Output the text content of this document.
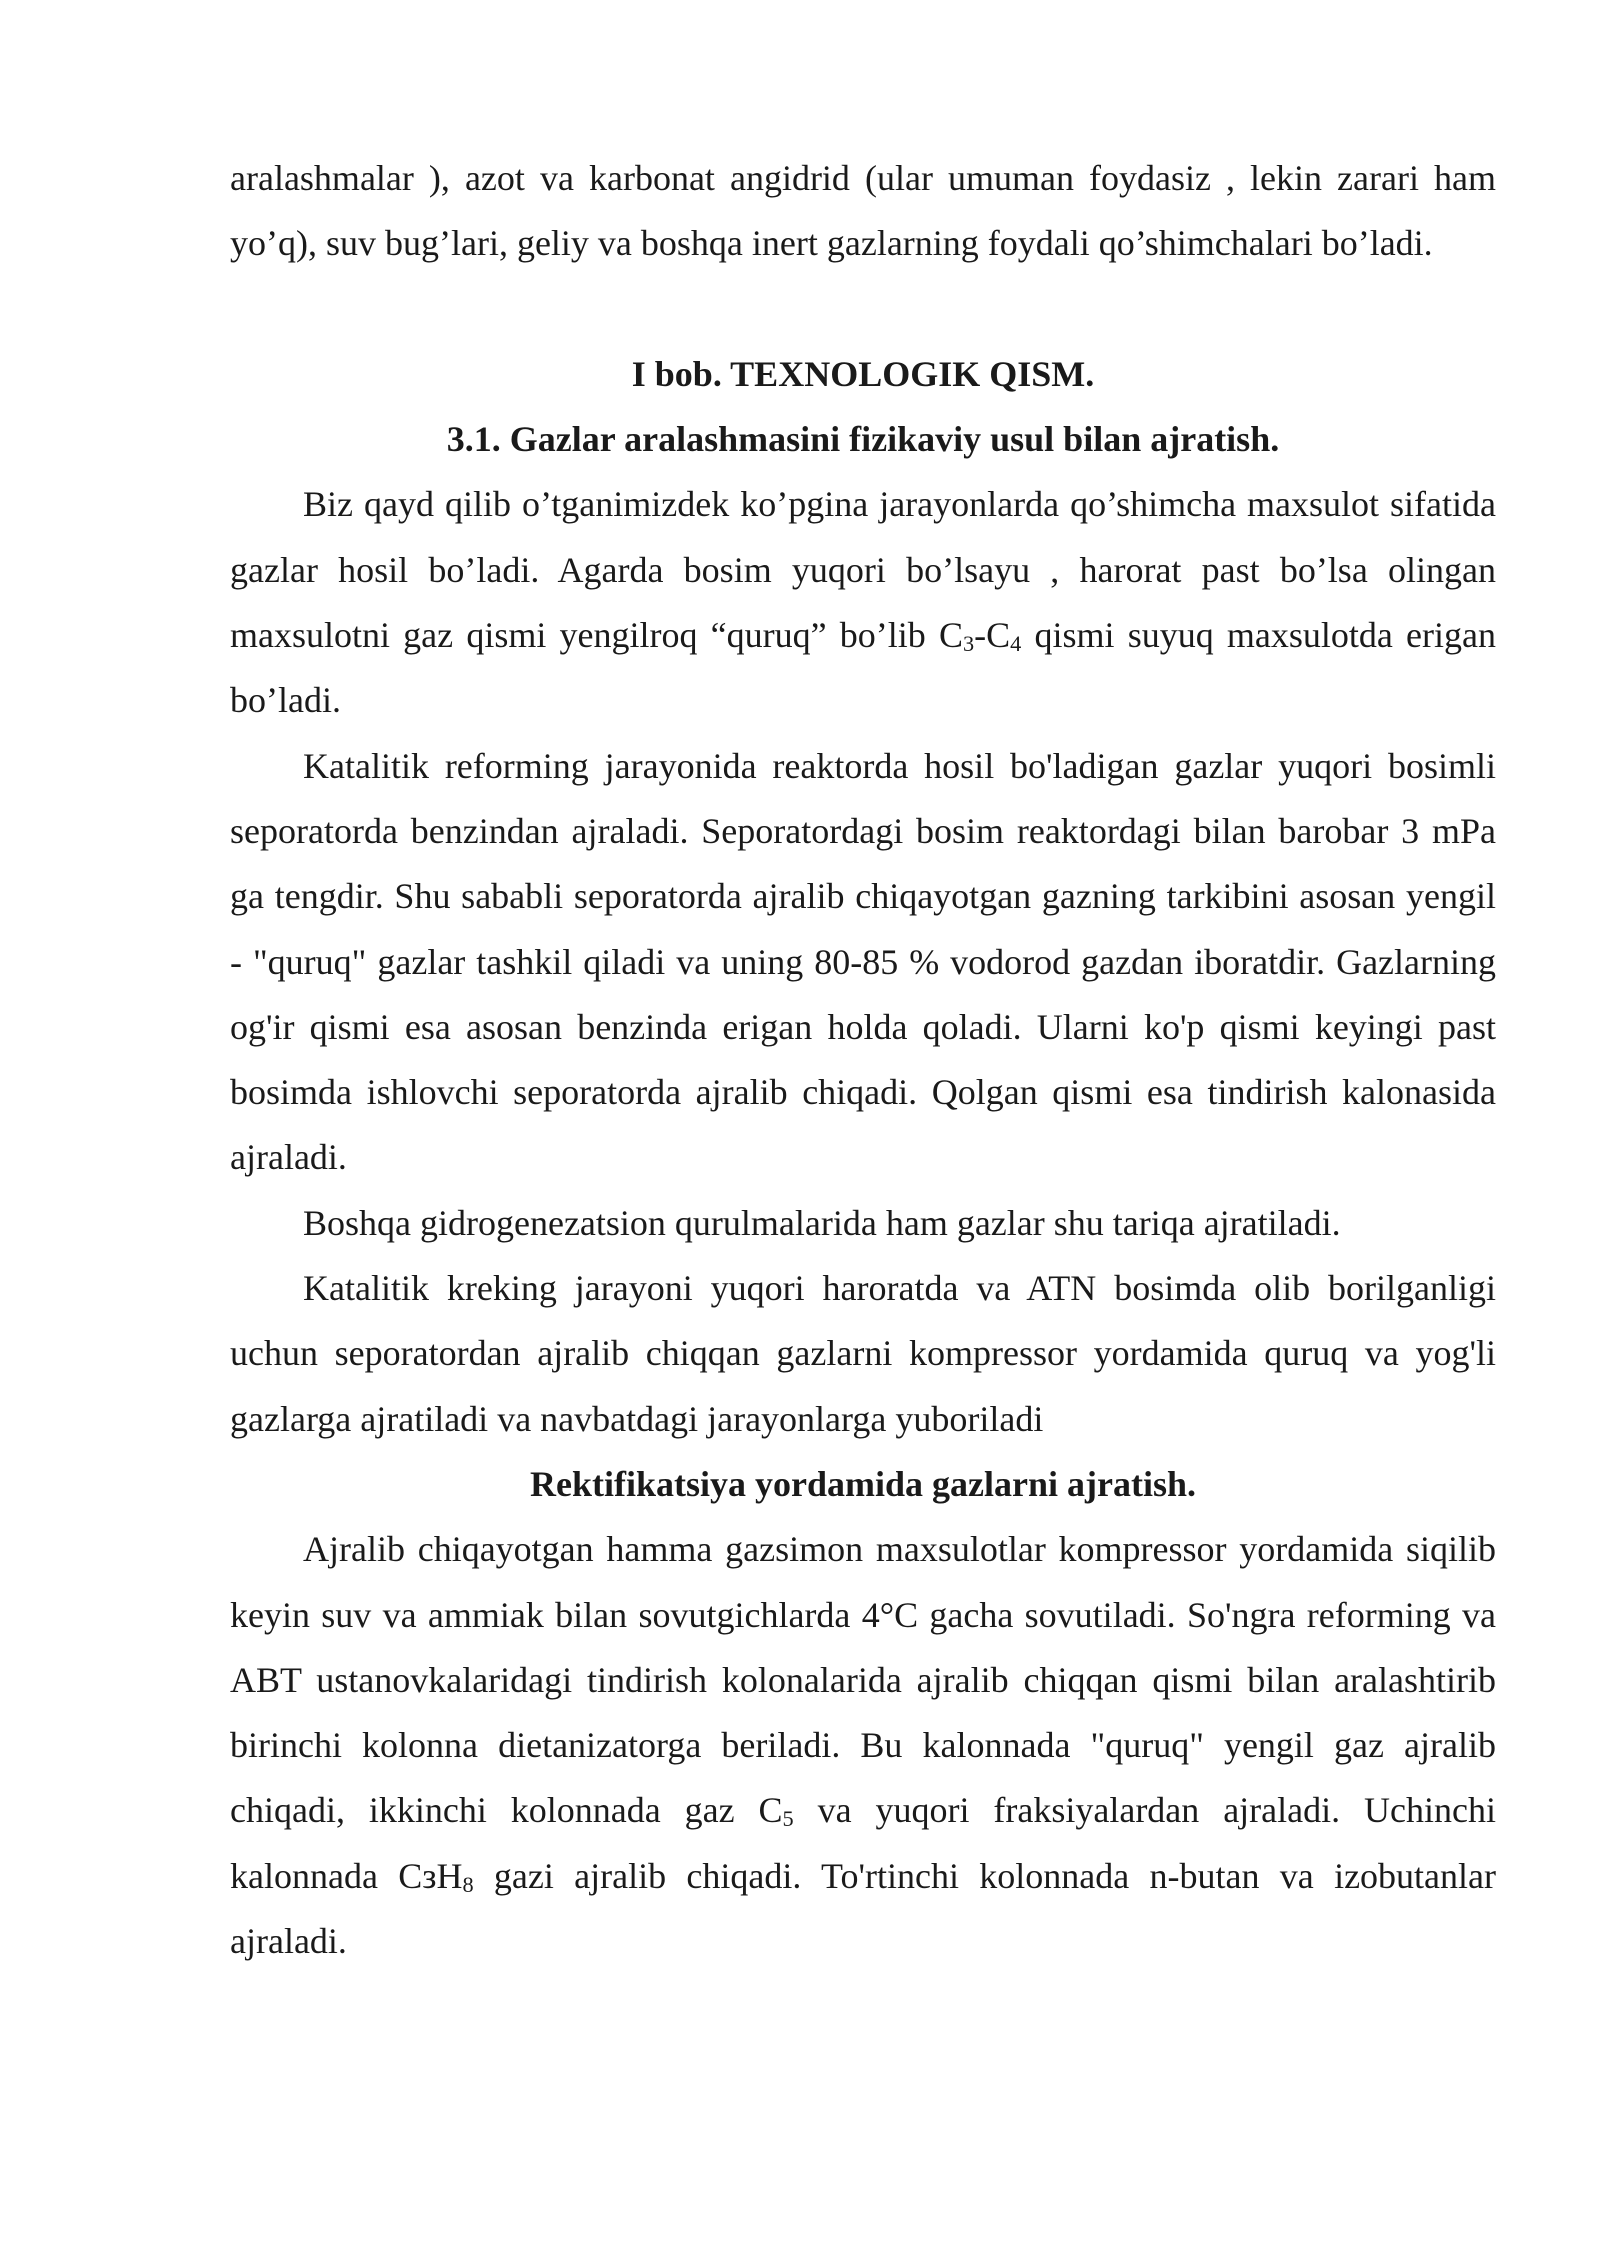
aralashmalar ), azot va karbonat angidrid (ular umuman foydasiz , lekin zarari ham yo’q), suv bug’lari, geliy va boshqa inert gazlarning foydali qo’shimchalari bo’ladi.

I bob. TEXNOLOGIK QISM.
3.1. Gazlar aralashmasini fizikaviy usul bilan ajratish.

Biz qayd qilib o’tganimizdek ko’pgina jarayonlarda qo’shimcha maxsulot sifatida gazlar hosil bo’ladi. Agarda bosim yuqori bo’lsayu , harorat past bo’lsa olingan maxsulotni gaz qismi yengilroq “quruq” bo’lib C3-C4 qismi suyuq maxsulotda erigan bo’ladi.

Katalitik reforming jarayonida reaktorda hosil bo'ladigan gazlar yuqori bosimli seporatorda benzindan ajraladi. Seporatordagi bosim reaktordagi bilan barobar 3 mPa ga tengdir. Shu sababli seporatorda ajralib chiqayotgan gazning tarkibini asosan yengil - "quruq" gazlar tashkil qiladi va uning 80-85 % vodorod gazdan iboratdir. Gazlarning og'ir qismi esa asosan benzinda erigan holda qoladi. Ularni ko'p qismi keyingi past bosimda ishlovchi seporatorda ajralib chiqadi. Qolgan qismi esa tindirish kalonasida ajraladi.

Boshqa gidrogenezatsion qurulmalarida ham gazlar shu tariqa ajratiladi.

Katalitik kreking jarayoni yuqori haroratda va ATN bosimda olib borilganligi uchun seporatordan ajralib chiqqan gazlarni kompressor yordamida quruq va yog'li gazlarga ajratiladi va navbatdagi jarayonlarga yuboriladi

Rektifikatsiya yordamida gazlarni ajratish.

Ajralib chiqayotgan hamma gazsimon maxsulotlar kompressor yordamida siqilib keyin suv va ammiak bilan sovutgichlarda 4°C gacha sovutiladi. So'ngra reforming va ABT ustanovkalaridagi tindirish kolonalarida ajralib chiqqan qismi bilan aralashtirib birinchi kolonna dietanizatorga beriladi. Bu kalonnada "quruq" yengil gaz ajralib chiqadi, ikkinchi kolonnada gaz C5 va yuqori fraksiyalardan ajraladi. Uchinchi kalonnada CзH8 gazi ajralib chiqadi. To'rtinchi kolonnada n-butan va izobutanlar ajraladi.
